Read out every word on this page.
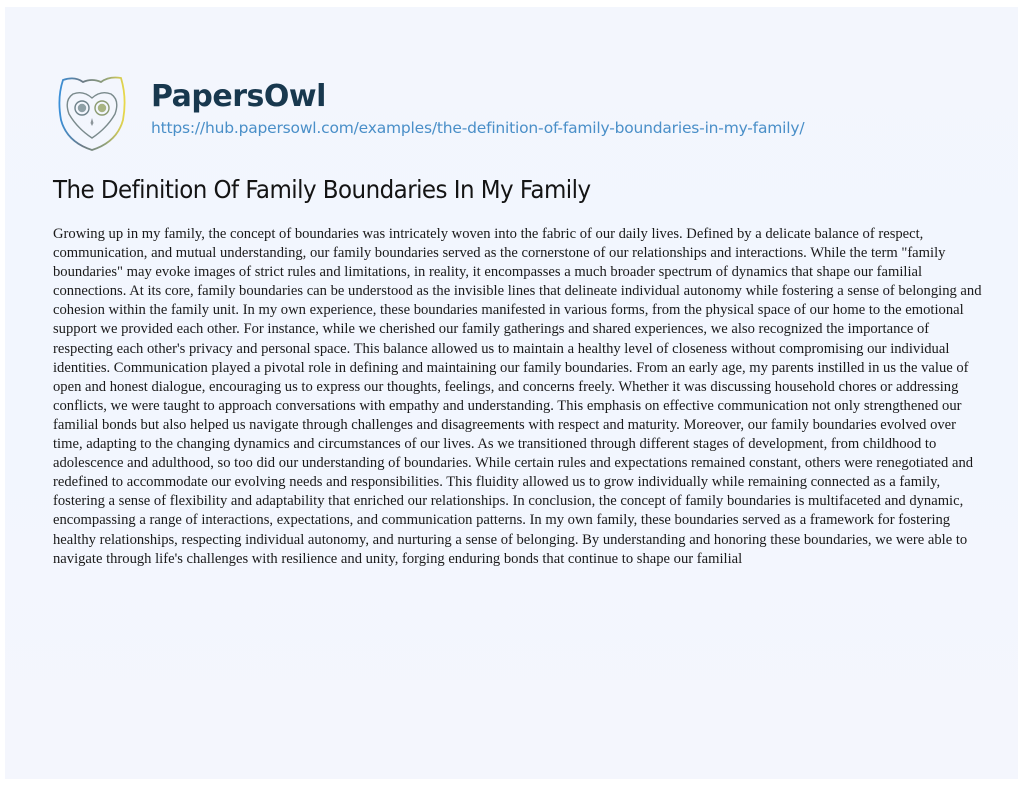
PapersOwl
https://hub.papersowl.com/examples/the-definition-of-family-boundaries-in-my-family/
The Definition Of Family Boundaries In My Family

Growing up in my family, the concept of boundaries was intricately woven into the fabric of our daily lives. Defined by a delicate balance of respect, communication, and mutual understanding, our family boundaries served as the cornerstone of our relationships and interactions. While the term "family boundaries" may evoke images of strict rules and limitations, in reality, it encompasses a much broader spectrum of dynamics that shape our familial connections. At its core, family boundaries can be understood as the invisible lines that delineate individual autonomy while fostering a sense of belonging and cohesion within the family unit. In my own experience, these boundaries manifested in various forms, from the physical space of our home to the emotional support we provided each other. For instance, while we cherished our family gatherings and shared experiences, we also recognized the importance of respecting each other's privacy and personal space. This balance allowed us to maintain a healthy level of closeness without compromising our individual identities. Communication played a pivotal role in defining and maintaining our family boundaries. From an early age, my parents instilled in us the value of open and honest dialogue, encouraging us to express our thoughts, feelings, and concerns freely. Whether it was discussing household chores or addressing conflicts, we were taught to approach conversations with empathy and understanding. This emphasis on effective communication not only strengthened our familial bonds but also helped us navigate through challenges and disagreements with respect and maturity. Moreover, our family boundaries evolved over time, adapting to the changing dynamics and circumstances of our lives. As we transitioned through different stages of development, from childhood to adolescence and adulthood, so too did our understanding of boundaries. While certain rules and expectations remained constant, others were renegotiated and redefined to accommodate our evolving needs and responsibilities. This fluidity allowed us to grow individually while remaining connected as a family, fostering a sense of flexibility and adaptability that enriched our relationships. In conclusion, the concept of family boundaries is multifaceted and dynamic, encompassing a range of interactions, expectations, and communication patterns. In my own family, these boundaries served as a framework for fostering healthy relationships, respecting individual autonomy, and nurturing a sense of belonging. By understanding and honoring these boundaries, we were able to navigate through life's challenges with resilience and unity, forging enduring bonds that continue to shape our familial
